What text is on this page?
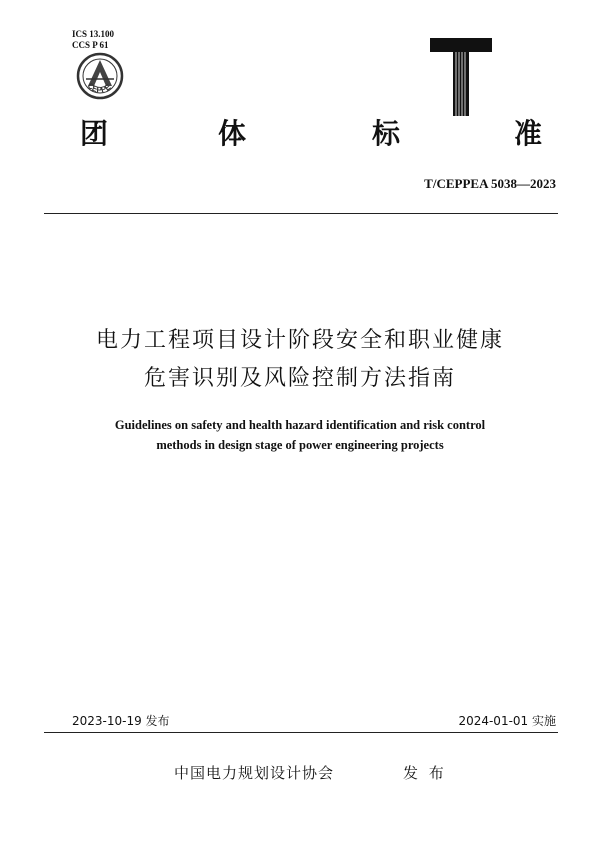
ICS 13.100
CCS P 61
CEPPE
T
团	体	标	准
T/CEPPEA 5038—2023
电力工程项目设计阶段安全和职业健康
危害识别及风险控制方法指南
Guidelines on safety and health hazard identification and risk control
methods in design stage of power engineering projects
2023-10-19 发布	2024-01-01 实施
中国电力规划设计协会	发 布
